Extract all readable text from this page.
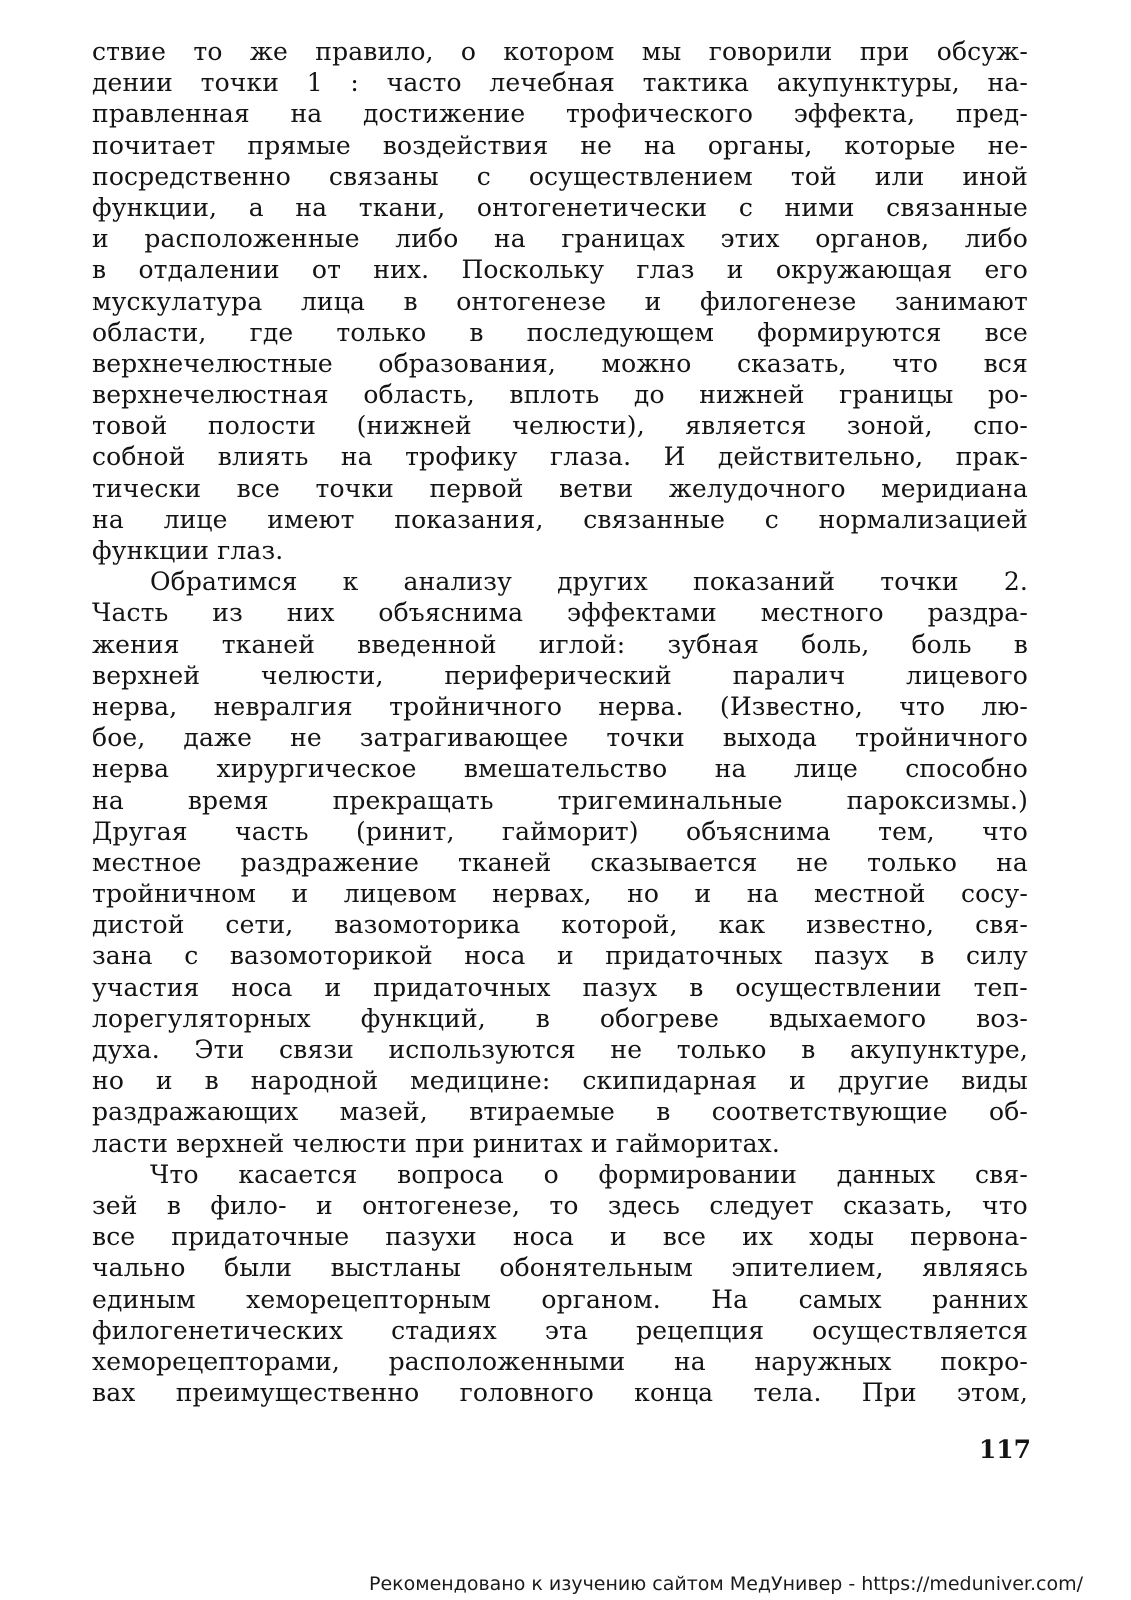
ствие то же правило, о котором мы говорили при обсуж-
дении точки 1 : часто лечебная тактика акупунктуры, на-
правленная на достижение трофического эффекта, пред-
почитает прямые воздействия не на органы, которые не-
посредственно связаны с осуществлением той или иной
функции, а на ткани, онтогенетически с ними связанные
и расположенные либо на границах этих органов, либо
в отдалении от них. Поскольку глаз и окружающая его
мускулатура лица в онтогенезе и филогенезе занимают
области, где только в последующем формируются все
верхнечелюстные образования, можно сказать, что вся
верхнечелюстная область, вплоть до нижней границы ро-
товой полости (нижней челюсти), является зоной, спо-
собной влиять на трофику глаза. И действительно, прак-
тически все точки первой ветви желудочного меридиана
на лице имеют показания, связанные с нормализацией
функции глаз.
Обратимся к анализу других показаний точки 2.
Часть из них объяснима эффектами местного раздра-
жения тканей введенной иглой: зубная боль, боль в
верхней челюсти, периферический паралич лицевого
нерва, невралгия тройничного нерва. (Известно, что лю-
бое, даже не затрагивающее точки выхода тройничного
нерва хирургическое вмешательство на лице способно
на	время	прекращать	тригеминальные	пароксизмы.)
Другая часть (ринит, гайморит) объяснима тем, что
местное раздражение тканей сказывается не только на
тройничном и лицевом нервах, но и на местной сосу-
дистой сети, вазомоторика которой, как известно, свя-
зана с вазомоторикой носа и придаточных пазух в силу
участия носа и придаточных пазух в осуществлении теп-
лорегуляторных функций, в обогреве вдыхаемого воз-
духа. Эти связи используются не только в акупунктуре,
но и в народной медицине: скипидарная и другие виды
раздражающих мазей, втираемые в соответствующие об-
ласти верхней челюсти при ринитах и гайморитах.
Что касается вопроса о формировании данных свя-
зей в фило- и онтогенезе, то здесь следует сказать, что
все придаточные пазухи носа и все их ходы первона-
чально были выстланы обонятельным эпителием, являясь
единым хеморецепторным органом. На самых ранних
филогенетических стадиях эта рецепция осуществляется
хеморецепторами, расположенными на наружных покро-
вах преимущественно головного конца тела. При этом,
117
Рекомендовано к изучению сайтом МедУнивер - https://meduniver.com/
